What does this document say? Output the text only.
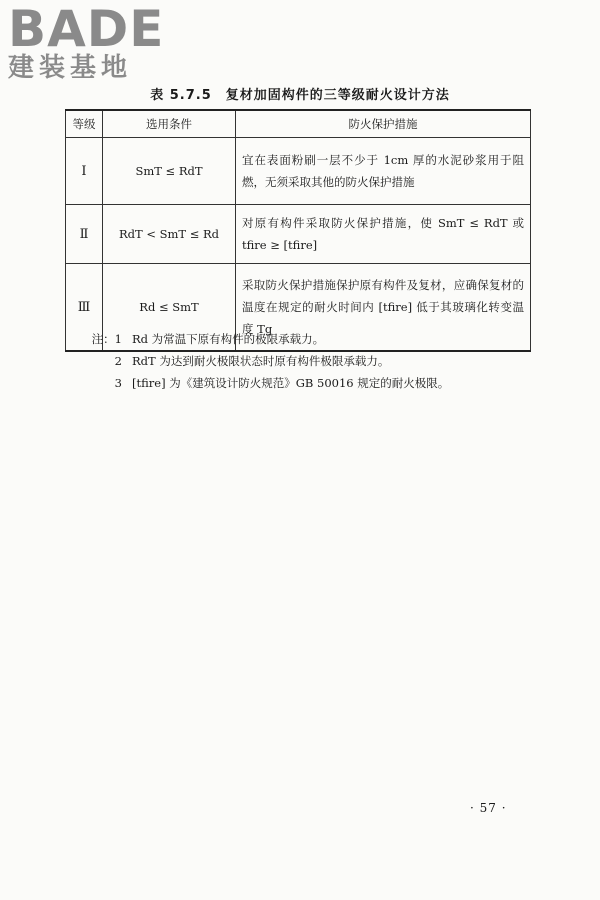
BADE
建装基地
表 5.7.5 复材加固构件的三等级耐火设计方法
等级	选用条件	防火保护措施
Ⅰ	SmT ≤ RdT	宜在表面粉刷一层不少于 1cm 厚的水泥砂浆用于阻燃，无须采取其他的防火保护措施
Ⅱ	RdT < SmT ≤ Rd	对原有构件采取防火保护措施，使 SmT ≤ RdT 或 tfire ≥ [tfire]
Ⅲ	Rd ≤ SmT	采取防火保护措施保护原有构件及复材，应确保复材的温度在规定的耐火时间内 [tfire] 低于其玻璃化转变温度 Tg
注：1 Rd 为常温下原有构件的极限承载力。
2 RdT 为达到耐火极限状态时原有构件极限承载力。
3 [tfire] 为《建筑设计防火规范》GB 50016 规定的耐火极限。
· 57 ·
